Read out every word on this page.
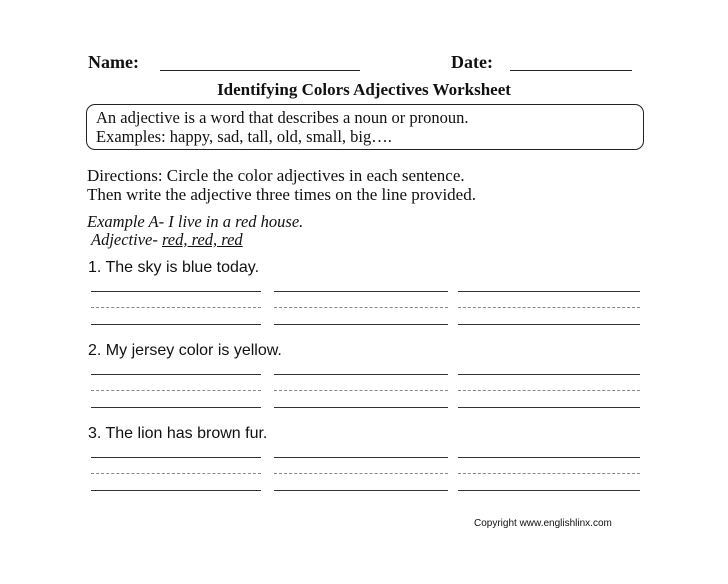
Name:	Date:
Identifying Colors Adjectives Worksheet
An adjective is a word that describes a noun or pronoun.
Examples: happy, sad, tall, old, small, big….
Directions: Circle the color adjectives in each sentence.
Then write the adjective three times on the line provided.
Example A- I live in a red house.
Adjective- red, red, red
1. The sky is blue today.
2. My jersey color is yellow.
3. The lion has brown fur.
Copyright www.englishlinx.com
